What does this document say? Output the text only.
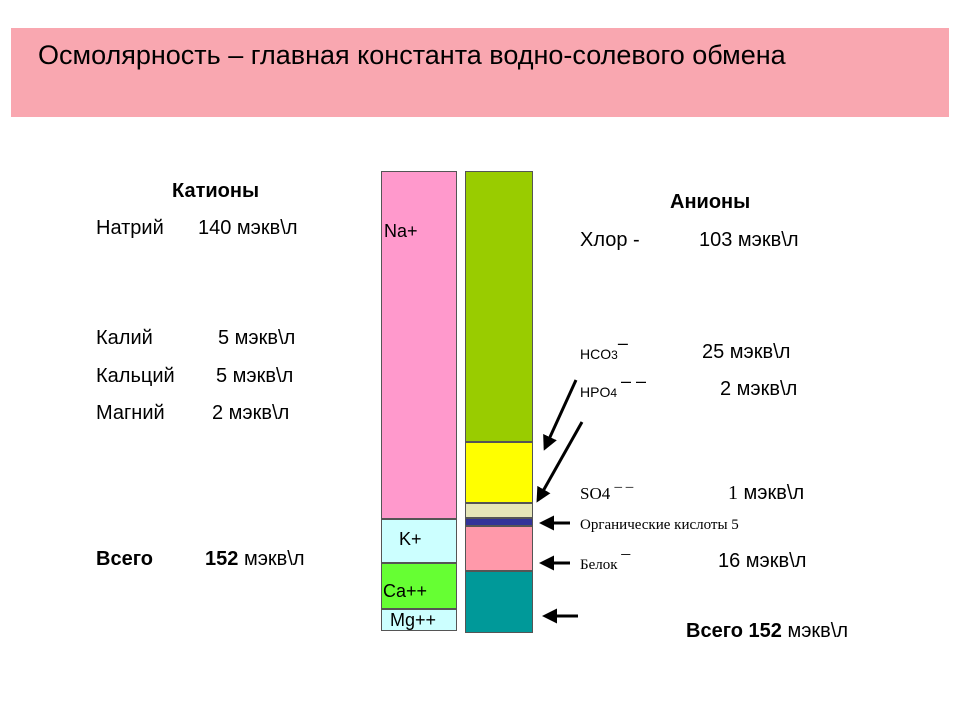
Осмолярность – главная константа водно-солевого обмена
Катионы
Натрий 140 мэкв\л
Калий	5 мэкв\л
Кальций 5 мэкв\л
Магний 2 мэкв\л
Всего	152 мэкв\л
Анионы
Хлор -	103 мэкв\л
HCO3–	25 мэкв\л
HPO4– –	2 мэкв\л
SO4 – –	1 мэкв\л
Органические кислоты 5
Белок –	16 мэкв\л
Всего 152 мэкв\л
Na+
K+
Ca++
Mg++
